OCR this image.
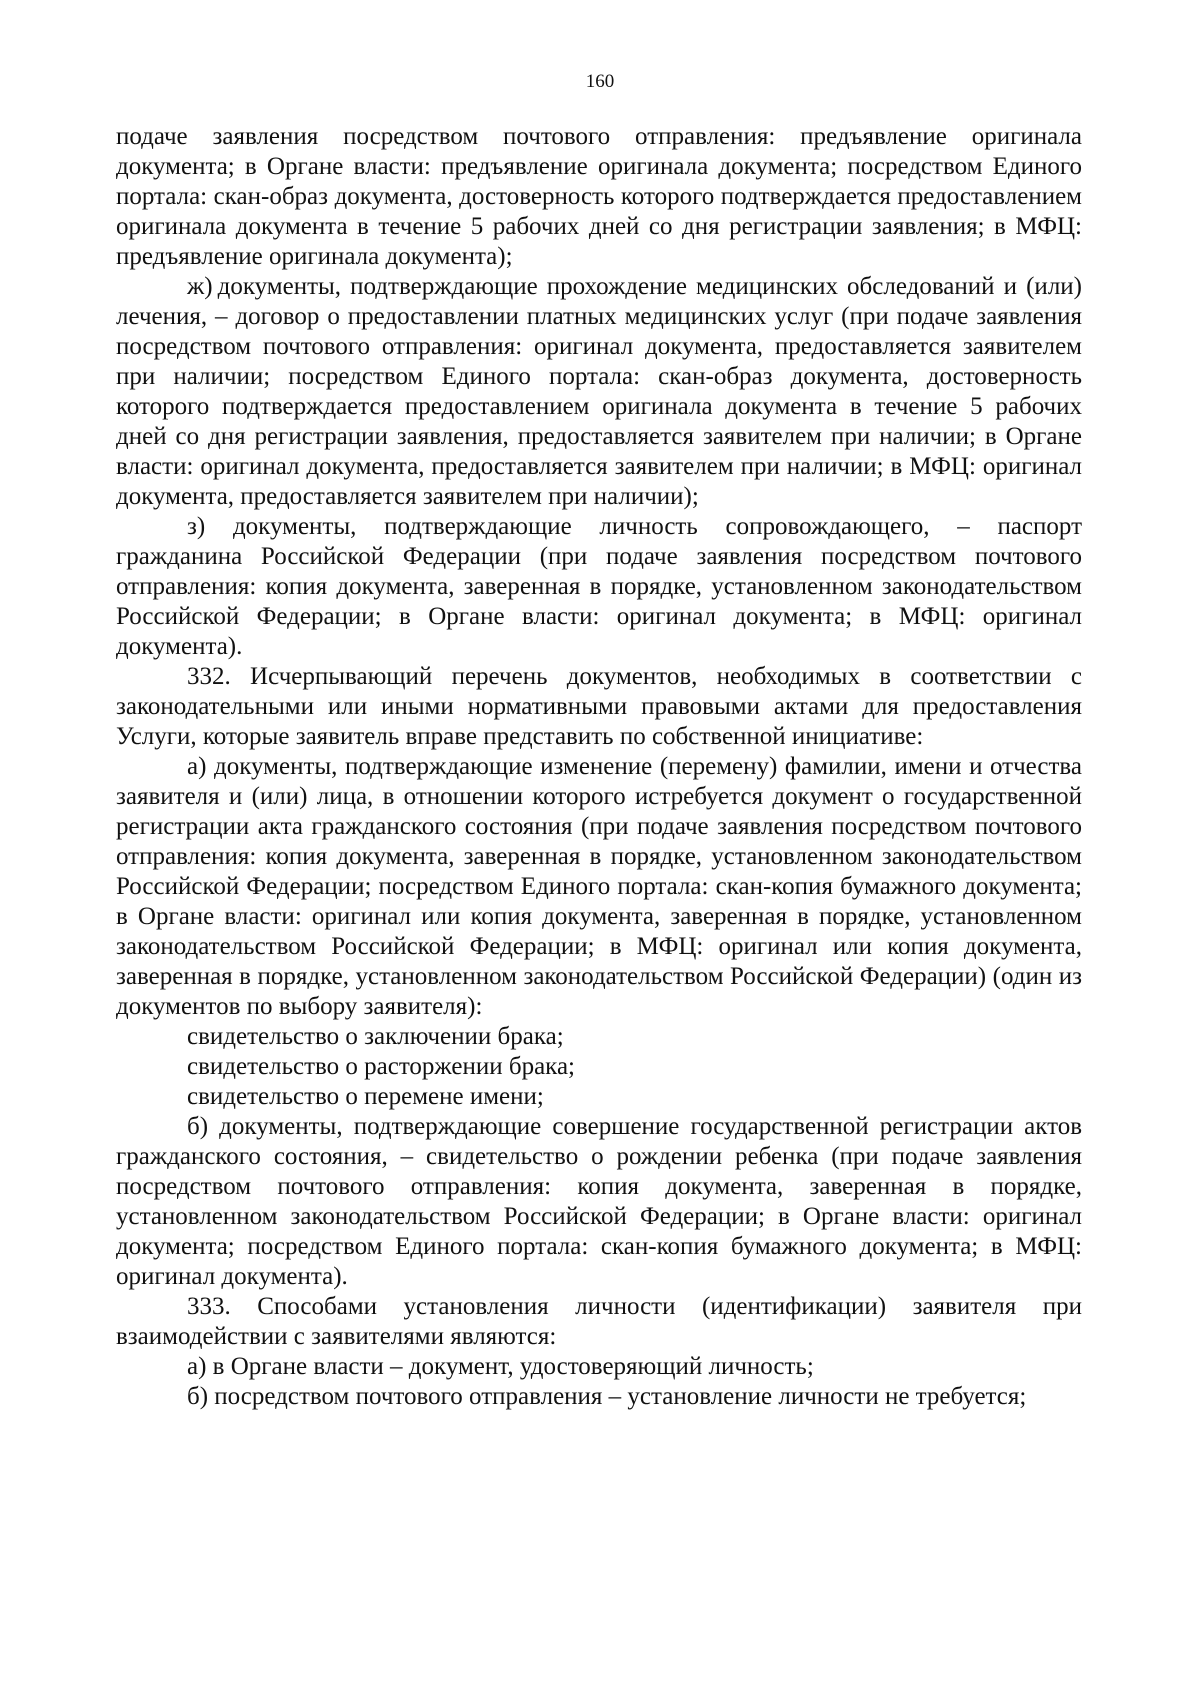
160

подаче заявления посредством почтового отправления: предъявление оригинала документа; в Органе власти: предъявление оригинала документа; посредством Единого портала: скан-образ документа, достоверность которого подтверждается предоставлением оригинала документа в течение 5 рабочих дней со дня регистрации заявления; в МФЦ: предъявление оригинала документа);

ж) документы, подтверждающие прохождение медицинских обследований и (или) лечения, – договор о предоставлении платных медицинских услуг (при подаче заявления посредством почтового отправления: оригинал документа, предоставляется заявителем при наличии; посредством Единого портала: скан-образ документа, достоверность которого подтверждается предоставлением оригинала документа в течение 5 рабочих дней со дня регистрации заявления, предоставляется заявителем при наличии; в Органе власти: оригинал документа, предоставляется заявителем при наличии; в МФЦ: оригинал документа, предоставляется заявителем при наличии);

з) документы, подтверждающие личность сопровождающего, – паспорт гражданина Российской Федерации (при подаче заявления посредством почтового отправления: копия документа, заверенная в порядке, установленном законодательством Российской Федерации; в Органе власти: оригинал документа; в МФЦ: оригинал документа).

332. Исчерпывающий перечень документов, необходимых в соответствии с законодательными или иными нормативными правовыми актами для предоставления Услуги, которые заявитель вправе представить по собственной инициативе:

а) документы, подтверждающие изменение (перемену) фамилии, имени и отчества заявителя и (или) лица, в отношении которого истребуется документ о государственной регистрации акта гражданского состояния (при подаче заявления посредством почтового отправления: копия документа, заверенная в порядке, установленном законодательством Российской Федерации; посредством Единого портала: скан-копия бумажного документа; в Органе власти: оригинал или копия документа, заверенная в порядке, установленном законодательством Российской Федерации; в МФЦ: оригинал или копия документа, заверенная в порядке, установленном законодательством Российской Федерации) (один из документов по выбору заявителя):

свидетельство о заключении брака;

свидетельство о расторжении брака;

свидетельство о перемене имени;

б) документы, подтверждающие совершение государственной регистрации актов гражданского состояния, – свидетельство о рождении ребенка (при подаче заявления посредством почтового отправления: копия документа, заверенная в порядке, установленном законодательством Российской Федерации; в Органе власти: оригинал документа; посредством Единого портала: скан-копия бумажного документа; в МФЦ: оригинал документа).

333. Способами установления личности (идентификации) заявителя при взаимодействии с заявителями являются:

а) в Органе власти – документ, удостоверяющий личность;

б) посредством почтового отправления – установление личности не требуется;
